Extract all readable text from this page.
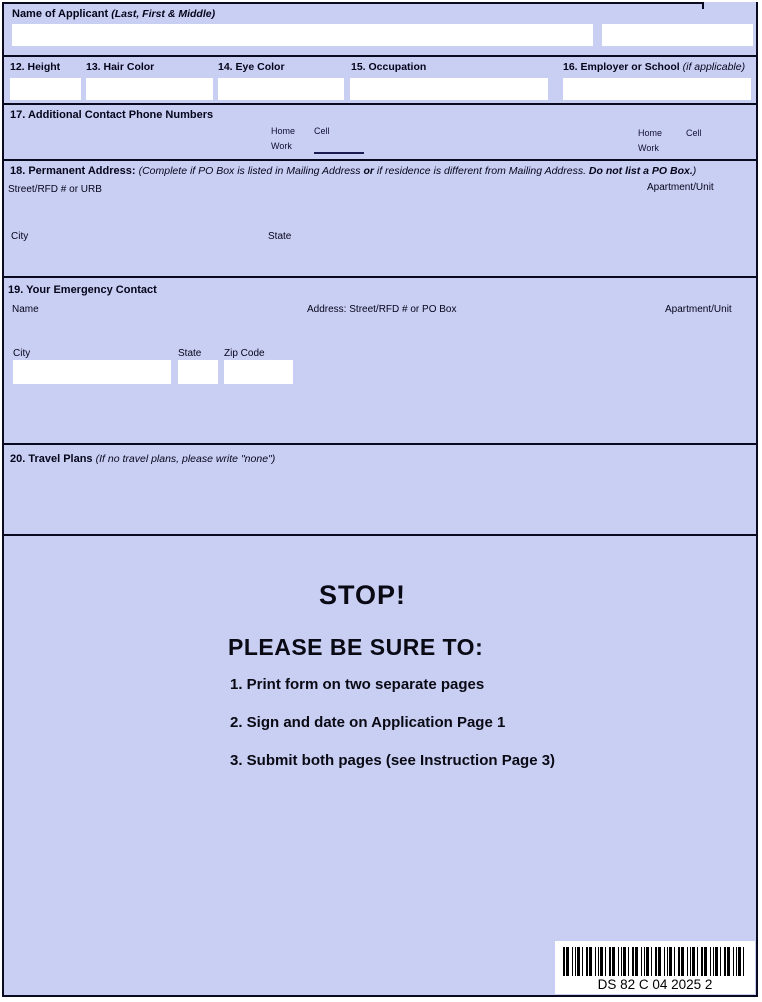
Name of Applicant (Last, First & Middle)
12. Height 13. Hair Color	14. Eye Color	15. Occupation	16. Employer or School (if applicable)
17. Additional Contact Phone Numbers
Home Cell
Work
Home	Cell
Work
18. Permanent Address: (Complete if PO Box is listed in Mailing Address or if residence is different from Mailing Address. Do not list a PO Box.)
Street/RFD # or URB	Apartment/Unit
City	State
19. Your Emergency Contact
Name	Address: Street/RFD # or PO Box	Apartment/Unit
City	State Zip Code
20. Travel Plans (If no travel plans, please write "none")
STOP!
PLEASE BE SURE TO:
1. Print form on two separate pages
2. Sign and date on Application Page 1
3. Submit both pages (see Instruction Page 3)
DS 82 C 04 2025 2
